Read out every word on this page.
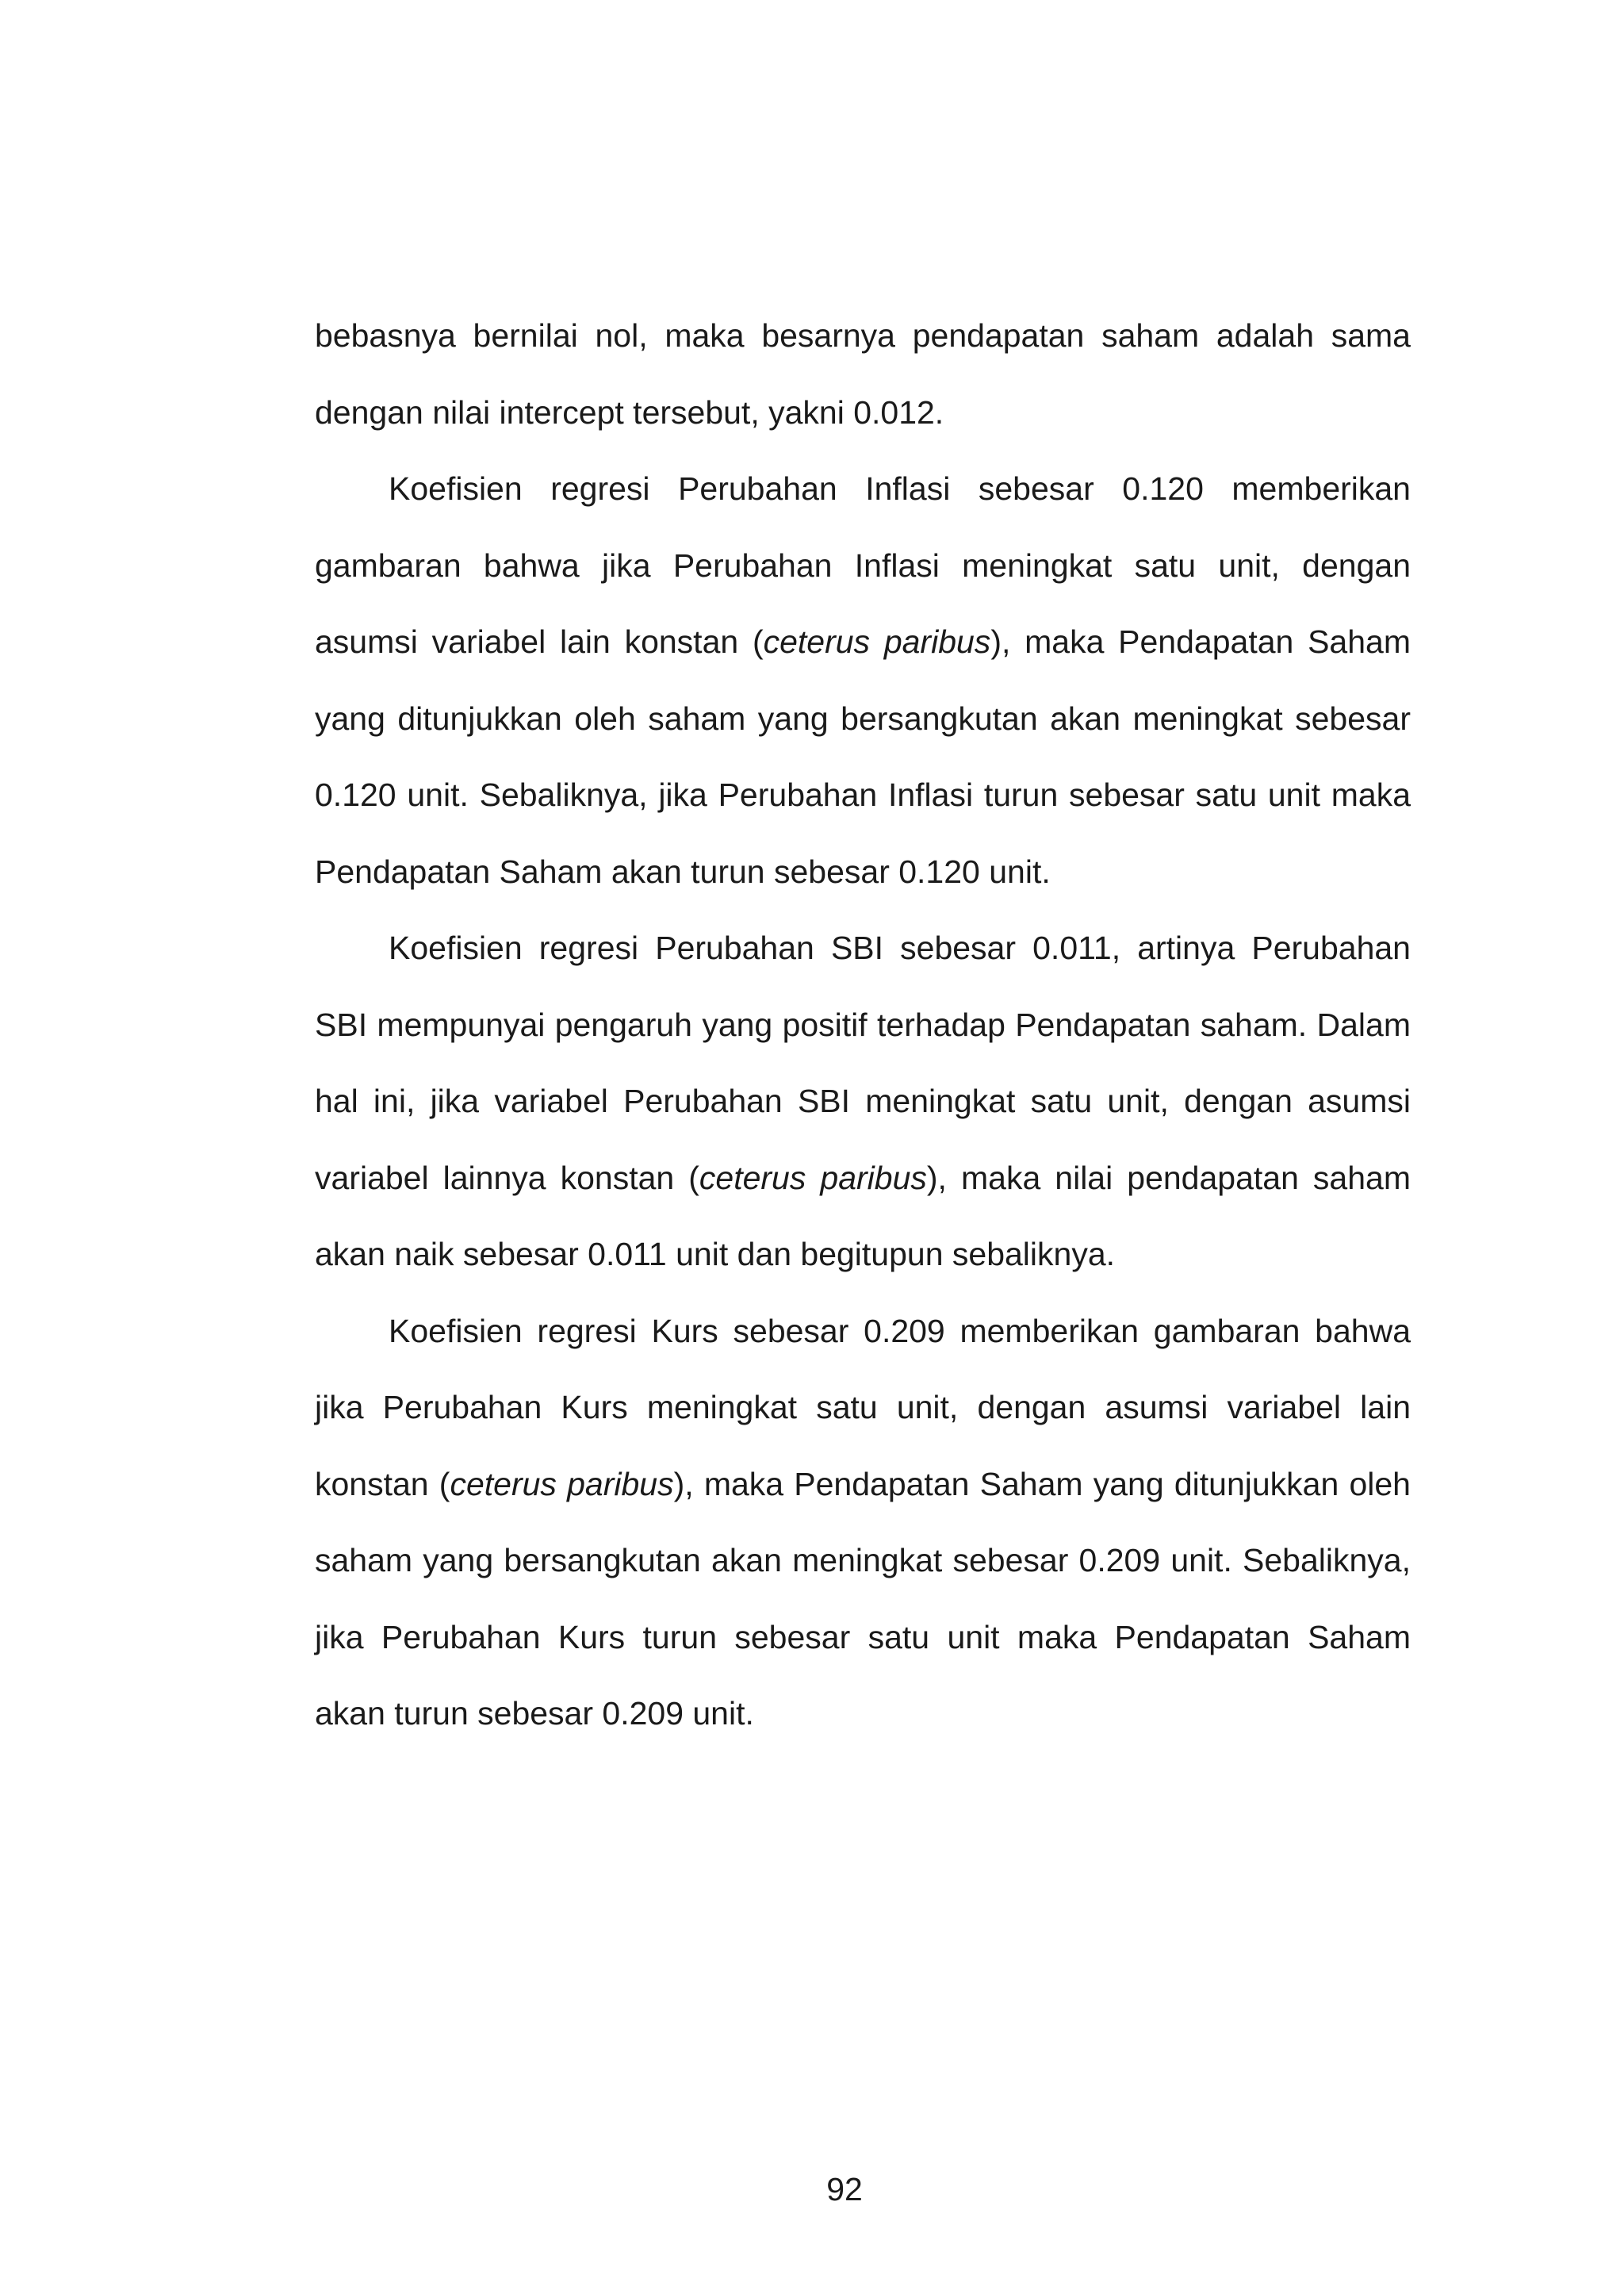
bebasnya bernilai nol, maka besarnya pendapatan saham adalah sama dengan nilai intercept tersebut, yakni 0.012.

Koefisien regresi Perubahan Inflasi sebesar 0.120 memberikan gambaran bahwa jika Perubahan Inflasi meningkat satu unit, dengan asumsi variabel lain konstan (ceterus paribus), maka Pendapatan Saham yang ditunjukkan oleh saham yang bersangkutan akan meningkat sebesar 0.120 unit. Sebaliknya, jika Perubahan Inflasi turun sebesar satu unit maka Pendapatan Saham akan turun sebesar 0.120 unit.

Koefisien regresi Perubahan SBI sebesar 0.011, artinya Perubahan SBI mempunyai pengaruh yang positif terhadap Pendapatan saham. Dalam hal ini, jika variabel Perubahan SBI meningkat satu unit, dengan asumsi variabel lainnya konstan (ceterus paribus), maka nilai pendapatan saham akan naik sebesar 0.011 unit dan begitupun sebaliknya.

Koefisien regresi Kurs sebesar 0.209 memberikan gambaran bahwa jika Perubahan Kurs meningkat satu unit, dengan asumsi variabel lain konstan (ceterus paribus), maka Pendapatan Saham yang ditunjukkan oleh saham yang bersangkutan akan meningkat sebesar 0.209 unit. Sebaliknya, jika Perubahan Kurs turun sebesar satu unit maka Pendapatan Saham akan turun sebesar 0.209 unit.

92
